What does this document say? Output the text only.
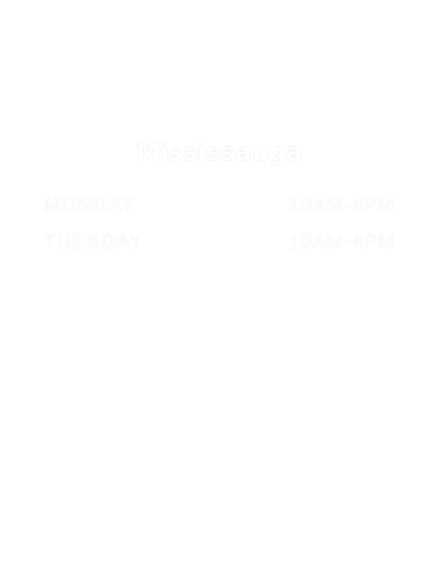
Mississauga
MONDAY	10AM-4PM
TUESDAY	10AM-4PM
